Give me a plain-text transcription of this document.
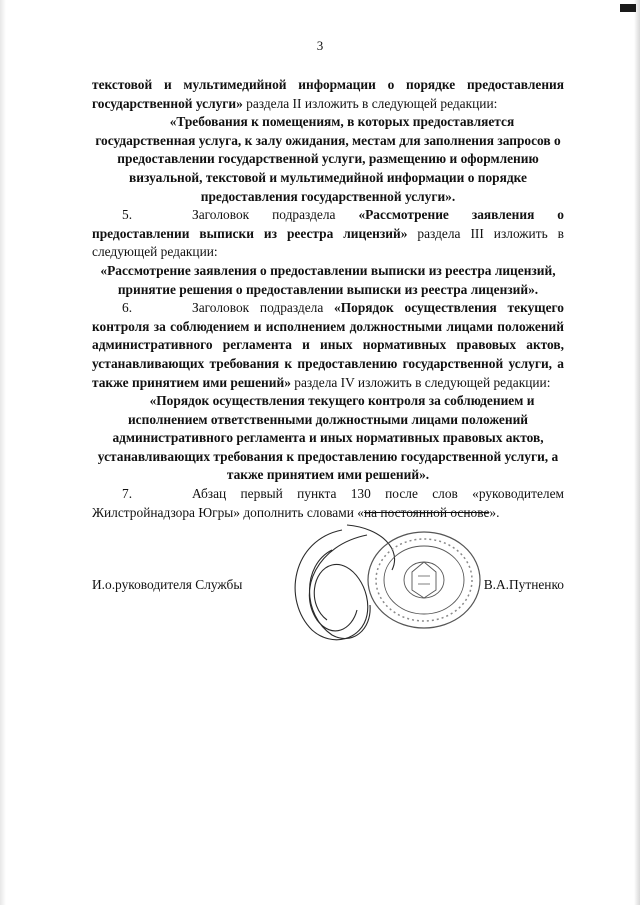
3

текстовой и мультимедийной информации о порядке предоставления государственной услуги» раздела II изложить в следующей редакции:

«Требования к помещениям, в которых предоставляется государственная услуга, к залу ожидания, местам для заполнения запросов о предоставлении государственной услуги, размещению и оформлению визуальной, текстовой и мультимедийной информации о порядке предоставления государственной услуги».

5.	Заголовок подраздела «Рассмотрение заявления о предоставлении выписки из реестра лицензий» раздела III изложить в следующей редакции:

«Рассмотрение заявления о предоставлении выписки из реестра лицензий, принятие решения о предоставлении выписки из реестра лицензий».

6.	Заголовок подраздела «Порядок осуществления текущего контроля за соблюдением и исполнением должностными лицами положений административного регламента и иных нормативных правовых актов, устанавливающих требования к предоставлению государственной услуги, а также принятием ими решений» раздела IV изложить в следующей редакции:

«Порядок осуществления текущего контроля за соблюдением и исполнением ответственными должностными лицами положений административного регламента и иных нормативных правовых актов, устанавливающих требования к предоставлению государственной услуги, а также принятием ими решений».

7.	Абзац первый пункта 130 после слов «руководителем Жилстройнадзора Югры» дополнить словами «на постоянной основе».

И.о.руководителя Службы	В.А.Путненко
